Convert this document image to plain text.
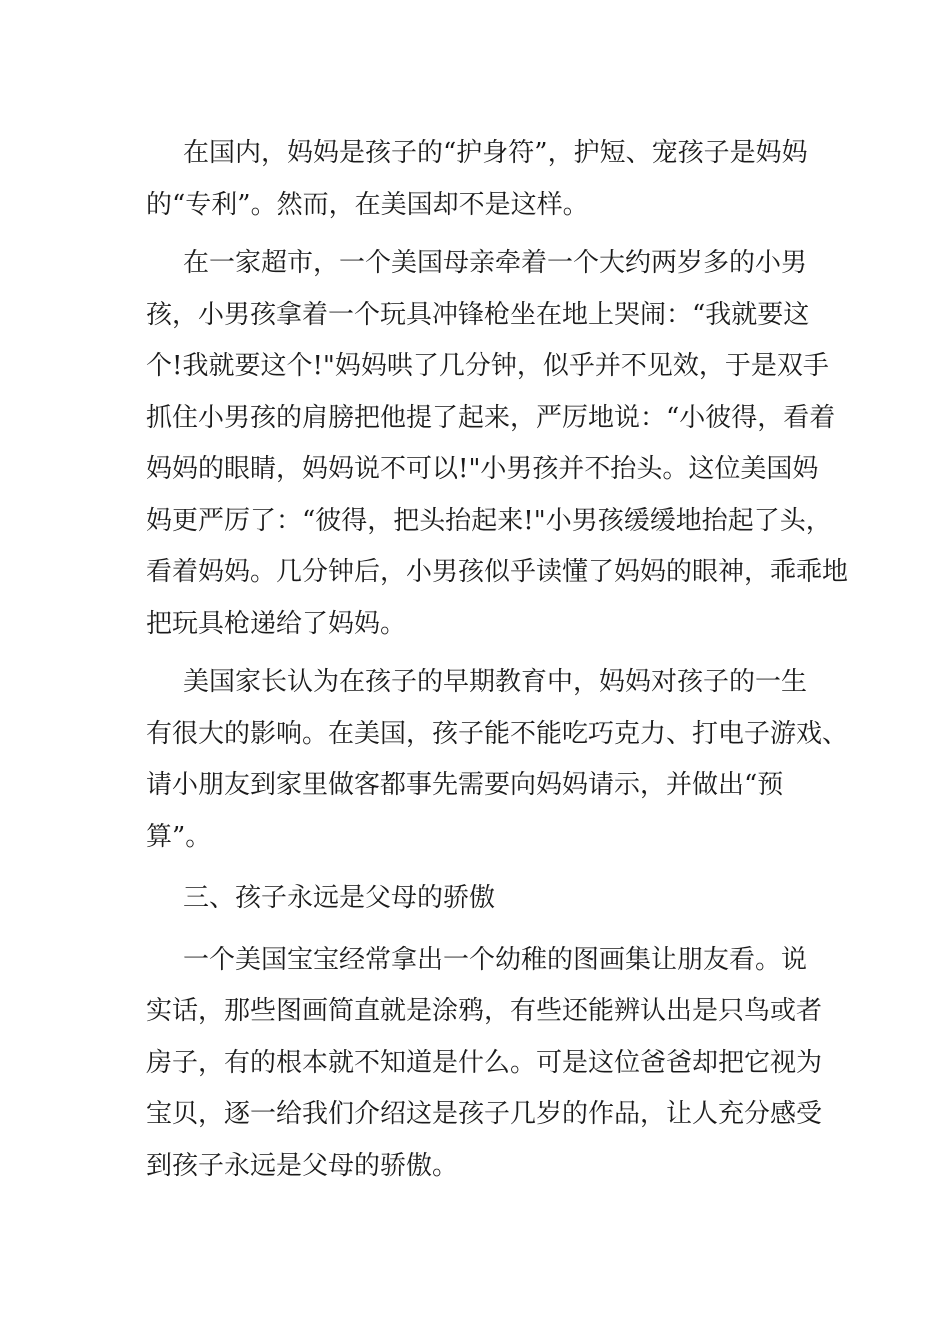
在国内，妈妈是孩子的“护身符”，护短、宠孩子是妈妈
的“专利”。然而，在美国却不是这样。
在一家超市，一个美国母亲牵着一个大约两岁多的小男
孩，小男孩拿着一个玩具冲锋枪坐在地上哭闹：“我就要这
个!我就要这个!"妈妈哄了几分钟，似乎并不见效，于是双手
抓住小男孩的肩膀把他提了起来，严厉地说：“小彼得，看着
妈妈的眼睛，妈妈说不可以!"小男孩并不抬头。这位美国妈
妈更严厉了：“彼得，把头抬起来!"小男孩缓缓地抬起了头，
看着妈妈。几分钟后，小男孩似乎读懂了妈妈的眼神，乖乖地
把玩具枪递给了妈妈。
美国家长认为在孩子的早期教育中，妈妈对孩子的一生
有很大的影响。在美国，孩子能不能吃巧克力、打电子游戏、
请小朋友到家里做客都事先需要向妈妈请示，并做出“预
算”。
三、孩子永远是父母的骄傲
一个美国宝宝经常拿出一个幼稚的图画集让朋友看。说
实话，那些图画简直就是涂鸦，有些还能辨认出是只鸟或者
房子，有的根本就不知道是什么。可是这位爸爸却把它视为
宝贝，逐一给我们介绍这是孩子几岁的作品，让人充分感受
到孩子永远是父母的骄傲。
